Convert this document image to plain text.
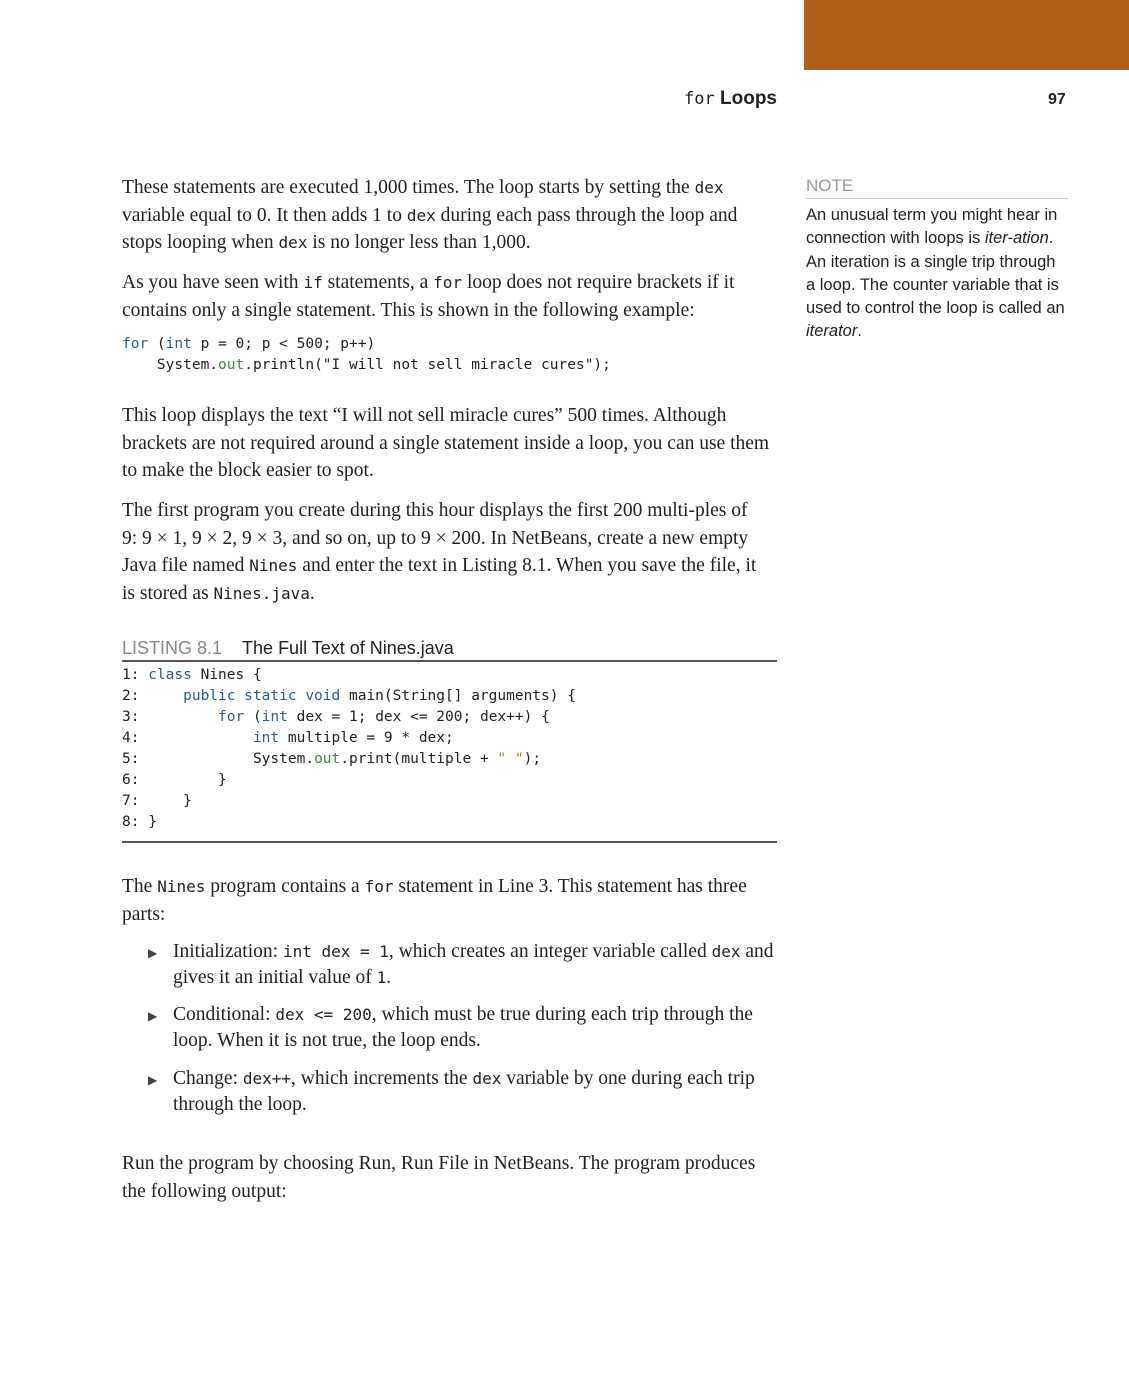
for Loops	97
These statements are executed 1,000 times. The loop starts by setting the dex variable equal to 0. It then adds 1 to dex during each pass through the loop and stops looping when dex is no longer less than 1,000.
As you have seen with if statements, a for loop does not require brackets if it contains only a single statement. This is shown in the following example:
for (int p = 0; p < 500; p++)
System.out.println("I will not sell miracle cures");
This loop displays the text “I will not sell miracle cures” 500 times. Although brackets are not required around a single statement inside a loop, you can use them to make the block easier to spot.
The first program you create during this hour displays the first 200 multi-ples of 9: 9 × 1, 9 × 2, 9 × 3, and so on, up to 9 × 200. In NetBeans, create a new empty Java file named Nines and enter the text in Listing 8.1. When you save the file, it is stored as Nines.java.
LISTING 8.1 The Full Text of Nines.java
1: class Nines {
2:     public static void main(String[] arguments) {
3:         for (int dex = 1; dex <= 200; dex++) {
4:             int multiple = 9 * dex;
5:             System.out.print(multiple + " ");
6:         }
7:     }
8: }
The Nines program contains a for statement in Line 3. This statement has three parts:
▶ Initialization: int dex = 1, which creates an integer variable called dex and gives it an initial value of 1.
▶ Conditional: dex <= 200, which must be true during each trip through the loop. When it is not true, the loop ends.
▶ Change: dex++, which increments the dex variable by one during each trip through the loop.
Run the program by choosing Run, Run File in NetBeans. The program produces the following output:
NOTE
An unusual term you might hear in connection with loops is iter-ation. An iteration is a single trip through a loop. The counter variable that is used to control the loop is called an iterator.
